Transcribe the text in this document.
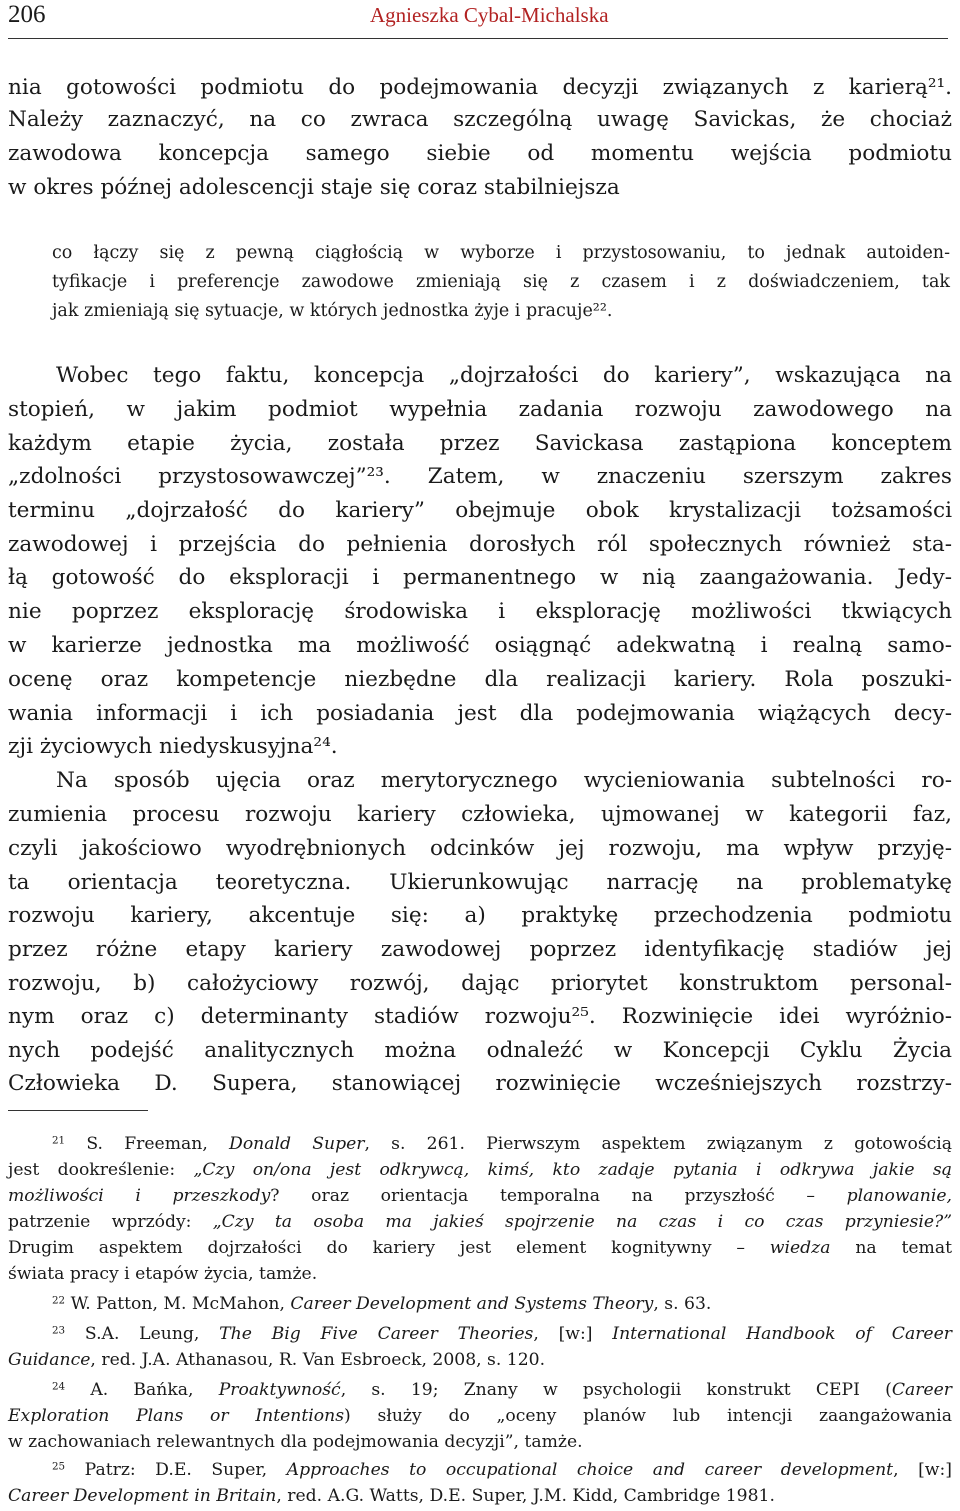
206	Agnieszka Cybal-Michalska

nia gotowości podmiotu do podejmowania decyzji związanych z karierą²¹.

Należy zaznaczyć, na co zwraca szczególną uwagę Savickas, że chociaż

zawodowa koncepcja samego siebie od momentu wejścia podmiotu

w okres późnej adolescencji staje się coraz stabilniejsza

co łączy się z pewną ciągłością w wyborze i przystosowaniu, to jednak autoiden-

tyfikacje i preferencje zawodowe zmieniają się z czasem i z doświadczeniem, tak

jak zmieniają się sytuacje, w których jednostka żyje i pracuje²².

Wobec tego faktu, koncepcja „dojrzałości do kariery”, wskazująca na

stopień, w jakim podmiot wypełnia zadania rozwoju zawodowego na

każdym etapie życia, została przez Savickasa zastąpiona konceptem

„zdolności przystosowawczej”²³. Zatem, w znaczeniu szerszym zakres

terminu „dojrzałość do kariery” obejmuje obok krystalizacji tożsamości

zawodowej i przejścia do pełnienia dorosłych ról społecznych również sta-

łą gotowość do eksploracji i permanentnego w nią zaangażowania. Jedy-

nie poprzez eksplorację środowiska i eksplorację możliwości tkwiących

w karierze jednostka ma możliwość osiągnąć adekwatną i realną samo-

ocenę oraz kompetencje niezbędne dla realizacji kariery. Rola poszuki-

wania informacji i ich posiadania jest dla podejmowania wiążących decy-

zji życiowych niedyskusyjna²⁴.

Na sposób ujęcia oraz merytorycznego wycieniowania subtelności ro-

zumienia procesu rozwoju kariery człowieka, ujmowanej w kategorii faz,

czyli jakościowo wyodrębnionych odcinków jej rozwoju, ma wpływ przyję-

ta orientacja teoretyczna. Ukierunkowując narrację na problematykę

rozwoju kariery, akcentuje się: a) praktykę przechodzenia podmiotu

przez różne etapy kariery zawodowej poprzez identyfikację stadiów jej

rozwoju, b) całożyciowy rozwój, dając priorytet konstruktom personal-

nym oraz c) determinanty stadiów rozwoju²⁵. Rozwinięcie idei wyróżnio-

nych podejść analitycznych można odnaleźć w Koncepcji Cyklu Życia

Człowieka D. Supera, stanowiącej rozwinięcie wcześniejszych rozstrzy-

$^{21}$ S. Freeman, Donald Super, s. 261. Pierwszym aspektem związanym z gotowością

jest dookreślenie: „Czy on/ona jest odkrywcą, kimś, kto zadaje pytania i odkrywa jakie są

możliwości i przeszkody? oraz orientacja temporalna na przyszłość – planowanie,

patrzenie wprzódy: „Czy ta osoba ma jakieś spojrzenie na czas i co czas przyniesie?”

Drugim aspektem dojrzałości do kariery jest element kognitywny – wiedza na temat

świata pracy i etapów życia, tamże.

$^{22}$ W. Patton, M. McMahon, Career Development and Systems Theory, s. 63.

$^{23}$ S.A. Leung, The Big Five Career Theories, [w:] International Handbook of Career

Guidance, red. J.A. Athanasou, R. Van Esbroeck, 2008, s. 120.

$^{24}$ A. Bańka, Proaktywność, s. 19; Znany w psychologii konstrukt CEPI (Career

Exploration Plans or Intentions) służy do „oceny planów lub intencji zaangażowania

w zachowaniach relewantnych dla podejmowania decyzji”, tamże.

$^{25}$ Patrz: D.E. Super, Approaches to occupational choice and career development, [w:]

Career Development in Britain, red. A.G. Watts, D.E. Super, J.M. Kidd, Cambridge 1981.
